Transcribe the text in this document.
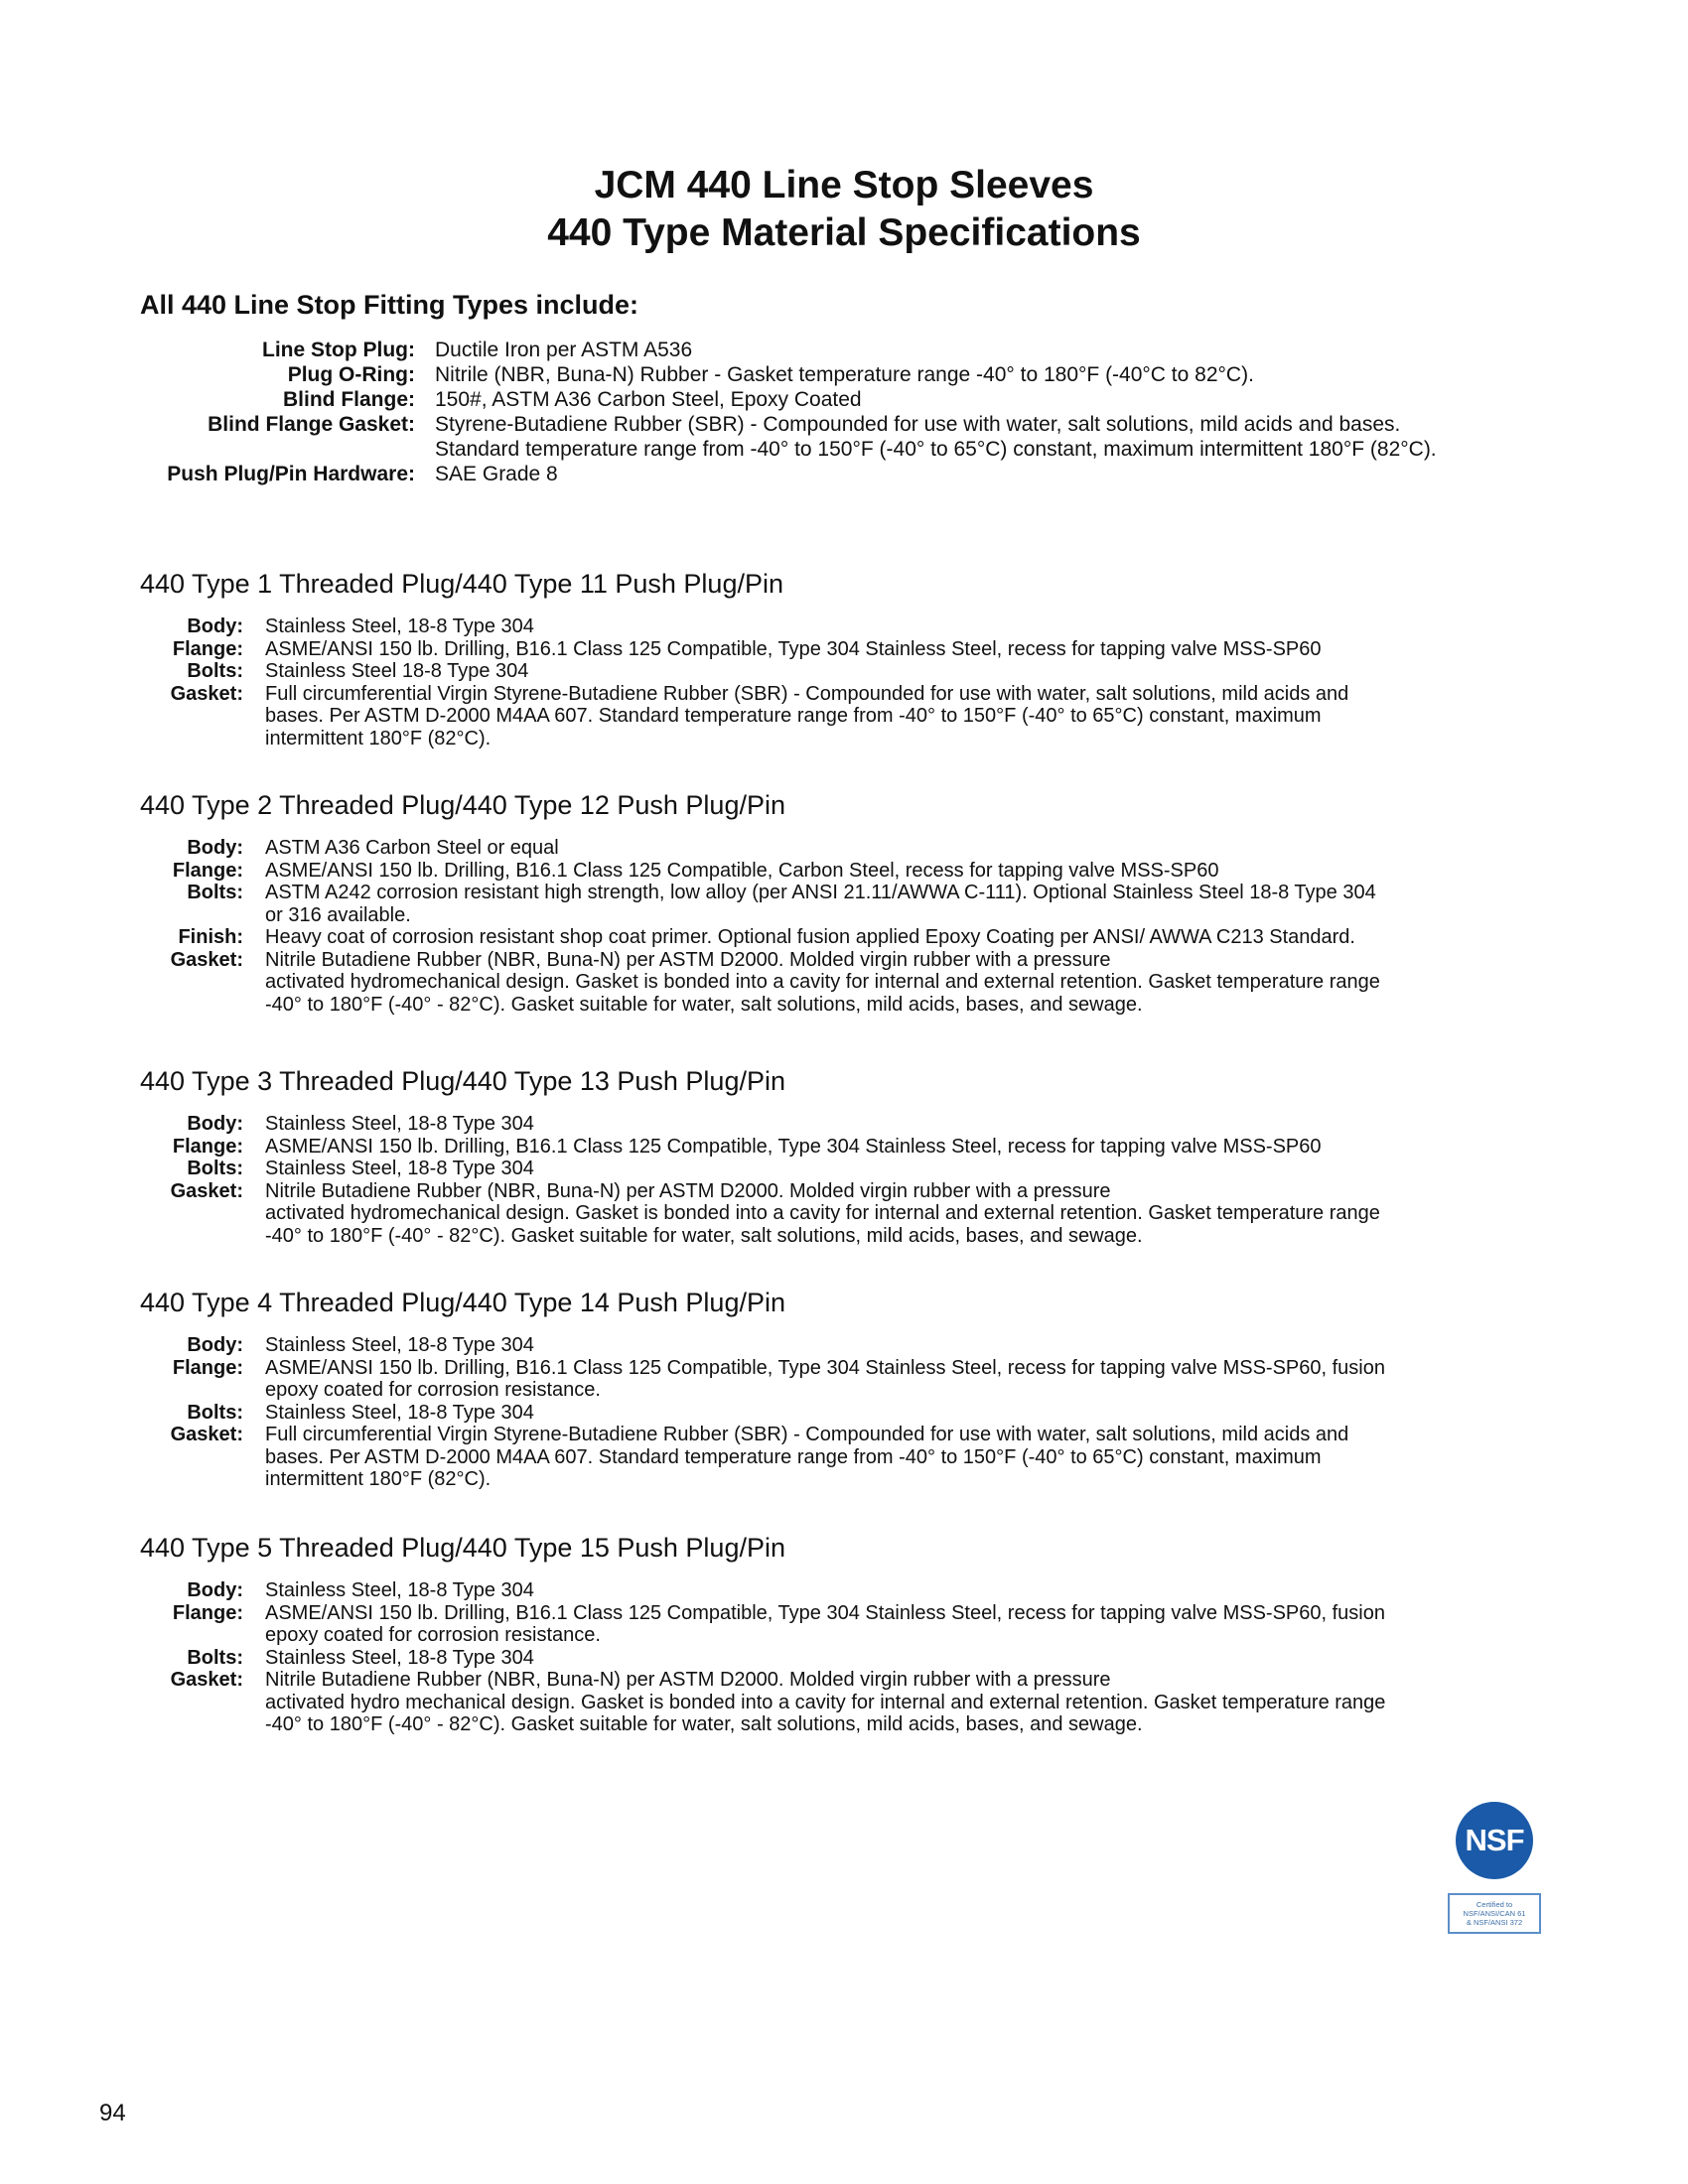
JCM 440 Line Stop Sleeves
440 Type Material Specifications
All 440 Line Stop Fitting Types include:
Line Stop Plug: Ductile Iron per ASTM A536
Plug O-Ring: Nitrile (NBR, Buna-N) Rubber - Gasket temperature range -40° to 180°F (-40°C to 82°C).
Blind Flange: 150#, ASTM A36 Carbon Steel, Epoxy Coated
Blind Flange Gasket: Styrene-Butadiene Rubber (SBR) - Compounded for use with water, salt solutions, mild acids and bases.
Standard temperature range from -40° to 150°F (-40° to 65°C) constant, maximum intermittent 180°F (82°C).
Push Plug/Pin Hardware: SAE Grade 8
440 Type 1 Threaded Plug/440 Type 11 Push Plug/Pin
Body:	Stainless Steel, 18-8 Type 304
Flange:	ASME/ANSI 150 lb. Drilling, B16.1 Class 125 Compatible, Type 304 Stainless Steel, recess for tapping valve MSS-SP60
Bolts:	Stainless Steel 18-8 Type 304
Gasket:	Full circumferential Virgin Styrene-Butadiene Rubber (SBR) - Compounded for use with water, salt solutions, mild acids and
bases. Per ASTM D-2000 M4AA 607. Standard temperature range from -40° to 150°F (-40° to 65°C) constant, maximum
intermittent 180°F (82°C).
440 Type 2 Threaded Plug/440 Type 12 Push Plug/Pin
Body:	ASTM A36 Carbon Steel or equal
Flange:	ASME/ANSI 150 lb. Drilling, B16.1 Class 125 Compatible, Carbon Steel, recess for tapping valve MSS-SP60
Bolts:	ASTM A242 corrosion resistant high strength, low alloy (per ANSI 21.11/AWWA C-111). Optional Stainless Steel 18-8 Type 304
or 316 available.
Finish:	Heavy coat of corrosion resistant shop coat primer. Optional fusion applied Epoxy Coating per ANSI/ AWWA C213 Standard.
Gasket:	Nitrile Butadiene Rubber (NBR, Buna-N) per ASTM D2000. Molded virgin rubber with a pressure
activated hydromechanical design. Gasket is bonded into a cavity for internal and external retention. Gasket temperature range
-40° to 180°F (-40° - 82°C). Gasket suitable for water, salt solutions, mild acids, bases, and sewage.
440 Type 3 Threaded Plug/440 Type 13 Push Plug/Pin
Body:	Stainless Steel, 18-8 Type 304
Flange:	ASME/ANSI 150 lb. Drilling, B16.1 Class 125 Compatible, Type 304 Stainless Steel, recess for tapping valve MSS-SP60
Bolts:	Stainless Steel, 18-8 Type 304
Gasket:	Nitrile Butadiene Rubber (NBR, Buna-N) per ASTM D2000. Molded virgin rubber with a pressure
activated hydromechanical design. Gasket is bonded into a cavity for internal and external retention. Gasket temperature range
-40° to 180°F (-40° - 82°C). Gasket suitable for water, salt solutions, mild acids, bases, and sewage.
440 Type 4 Threaded Plug/440 Type 14 Push Plug/Pin
Body:	Stainless Steel, 18-8 Type 304
Flange:	ASME/ANSI 150 lb. Drilling, B16.1 Class 125 Compatible, Type 304 Stainless Steel, recess for tapping valve MSS-SP60, fusion
epoxy coated for corrosion resistance.
Bolts:	Stainless Steel, 18-8 Type 304
Gasket:	Full circumferential Virgin Styrene-Butadiene Rubber (SBR) - Compounded for use with water, salt solutions, mild acids and
bases. Per ASTM D-2000 M4AA 607. Standard temperature range from -40° to 150°F (-40° to 65°C) constant, maximum
intermittent 180°F (82°C).
440 Type 5 Threaded Plug/440 Type 15 Push Plug/Pin
Body:	Stainless Steel, 18-8 Type 304
Flange:	ASME/ANSI 150 lb. Drilling, B16.1 Class 125 Compatible, Type 304 Stainless Steel, recess for tapping valve MSS-SP60, fusion
epoxy coated for corrosion resistance.
Bolts:	Stainless Steel, 18-8 Type 304
Gasket:	Nitrile Butadiene Rubber (NBR, Buna-N) per ASTM D2000. Molded virgin rubber with a pressure
activated hydro mechanical design. Gasket is bonded into a cavity for internal and external retention. Gasket temperature range
-40° to 180°F (-40° - 82°C). Gasket suitable for water, salt solutions, mild acids, bases, and sewage.
NSF
Certified to
NSF/ANSI/CAN 61
& NSF/ANSI 372
94
